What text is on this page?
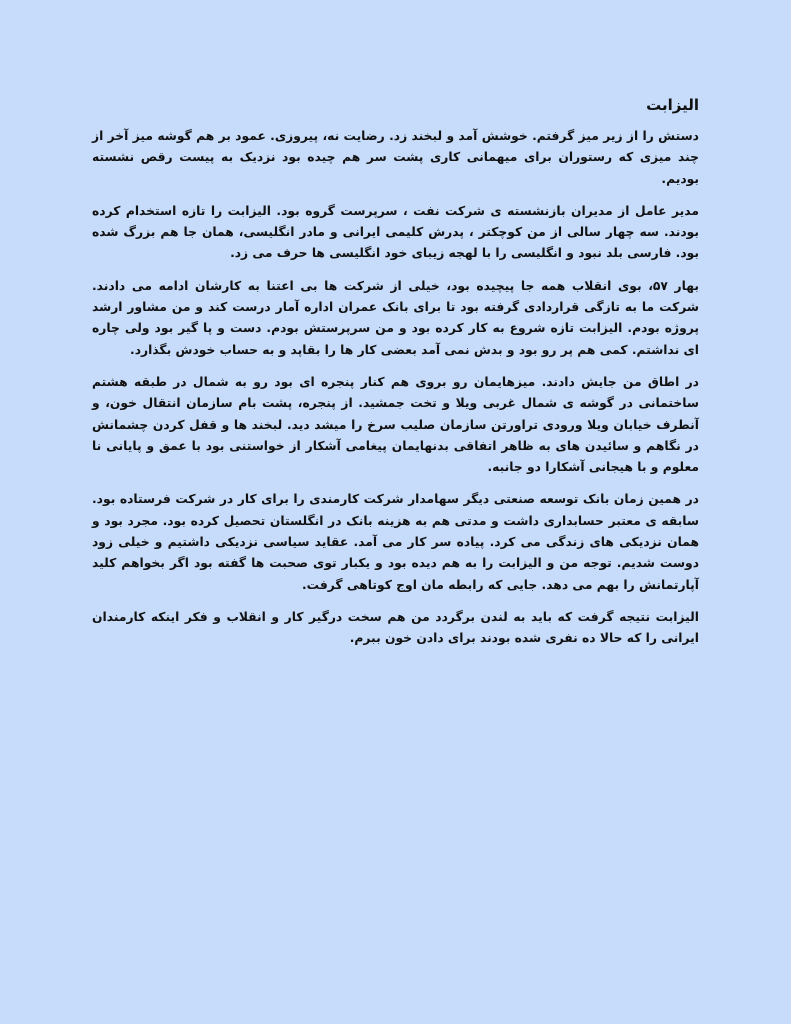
الیزابت

دستش را از زیر میز گرفتم. خوشش آمد و لبخند زد. رضایت نه، پیروزی. عمود بر هم گوشه میز آخر از چند میزی که رستوران برای میهمانی کاری پشت سر هم چیده بود نزدیک به پیست رقص نشسته بودیم.

مدیر عامل از مدیران بازنشسته ی شرکت نفت ، سرپرست گروه بود. الیزابت را تازه استخدام کرده بودند. سه چهار سالی از من کوچکتر ، پدرش کلیمی ایرانی و مادر انگلیسی، همان جا هم بزرگ شده بود. فارسی بلد نبود و انگلیسی را با لهجه زیبای خود انگلیسی ها حرف می زد.

بهار ۵۷، بوی انقلاب همه جا پیچیده بود، خیلی از شرکت ها بی اعتنا به کارشان ادامه می دادند. شرکت ما به تازگی قراردادی گرفته بود تا برای بانک عمران اداره آمار درست کند و من مشاور ارشد پروژه بودم. الیزابت تازه شروع به کار کرده بود و من سرپرستش بودم. دست و پا گیر بود ولی چاره ای نداشتم. کمی هم پر رو بود و بدش نمی آمد بعضی کار ها را بقاپد و به حساب خودش بگذارد.

در اطاق من جایش دادند. میزهایمان رو بروی هم کنار پنجره ای بود رو به شمال در طبقه هشتم ساختمانی در گوشه ی شمال غربی ویلا و تخت جمشید. از پنجره، پشت بام سازمان انتقال خون، و آنطرف خیابان ویلا ورودی تراورتن سازمان صلیب سرخ را میشد دید. لبخند ها و قفل کردن چشمانش در نگاهم و سائیدن های به ظاهر اتفاقی بدنهایمان پیغامی آشکار از خواستنی بود با عمق و پایانی نا معلوم و با هیجانی آشکارا دو جانبه.

در همین زمان بانک توسعه صنعتی دیگر سهامدار شرکت کارمندی را برای کار در شرکت فرستاده بود. سابقه ی معتبر حسابداری داشت و مدتی هم به هزینه بانک در انگلستان تحصیل کرده بود. مجرد بود و همان نزدیکی های زندگی می کرد. پیاده سر کار می آمد. عقاید سیاسی نزدیکی داشتیم و خیلی زود دوست شدیم. توجه من و الیزابت را به هم دیده بود و یکبار توی صحبت ها گفته بود اگر بخواهم کلید آپارتمانش را بهم می دهد. جایی که رابطه مان اوج کوتاهی گرفت.

الیزابت نتیجه گرفت که باید به لندن برگردد من هم سخت درگیر کار و انقلاب و فکر اینکه کارمندان ایرانی را که حالا ده نفری شده بودند برای دادن خون ببرم.
